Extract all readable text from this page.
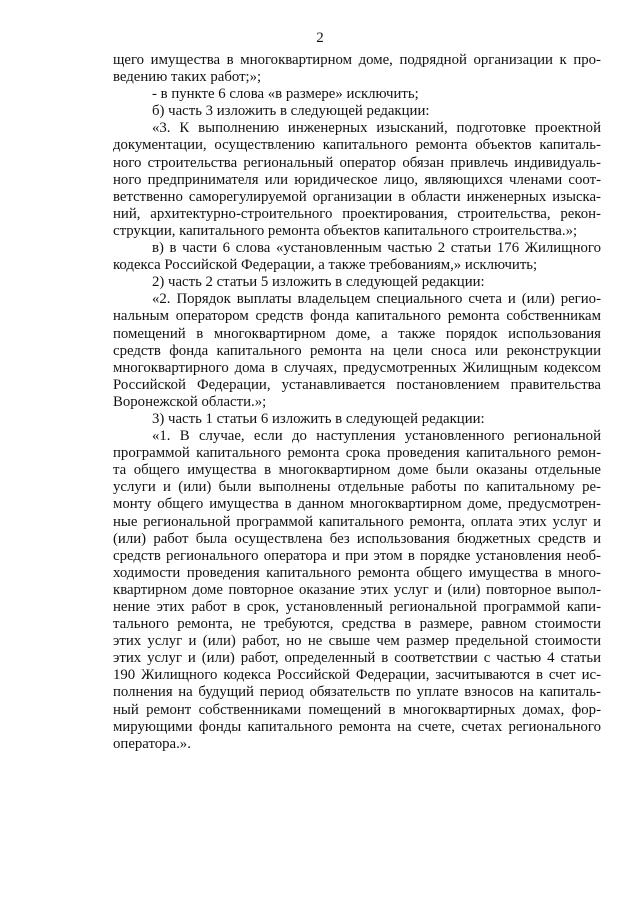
2
щего имущества в многоквартирном доме, подрядной организации к про-
ведению таких работ;»;
- в пункте 6 слова «в размере» исключить;
б) часть 3 изложить в следующей редакции:
«3. К выполнению инженерных изысканий, подготовке проектной
документации, осуществлению капитального ремонта объектов капиталь-
ного строительства региональный оператор обязан привлечь индивидуаль-
ного предпринимателя или юридическое лицо, являющихся членами соот-
ветственно саморегулируемой организации в области инженерных изыска-
ний, архитектурно-строительного проектирования, строительства, рекон-
струкции, капитального ремонта объектов капитального строительства.»;
в) в части 6 слова «установленным частью 2 статьи 176 Жилищного
кодекса Российской Федерации, а также требованиям,» исключить;
2) часть 2 статьи 5 изложить в следующей редакции:
«2. Порядок выплаты владельцем специального счета и (или) регио-
нальным оператором средств фонда капитального ремонта собственникам
помещений в многоквартирном доме, а также порядок использования
средств фонда капитального ремонта на цели сноса или реконструкции
многоквартирного дома в случаях, предусмотренных Жилищным кодексом
Российской Федерации, устанавливается постановлением правительства
Воронежской области.»;
3) часть 1 статьи 6 изложить в следующей редакции:
«1. В случае, если до наступления установленного региональной
программой капитального ремонта срока проведения капитального ремон-
та общего имущества в многоквартирном доме были оказаны отдельные
услуги и (или) были выполнены отдельные работы по капитальному ре-
монту общего имущества в данном многоквартирном доме, предусмотрен-
ные региональной программой капитального ремонта, оплата этих услуг и
(или) работ была осуществлена без использования бюджетных средств и
средств регионального оператора и при этом в порядке установления необ-
ходимости проведения капитального ремонта общего имущества в много-
квартирном доме повторное оказание этих услуг и (или) повторное выпол-
нение этих работ в срок, установленный региональной программой капи-
тального ремонта, не требуются, средства в размере, равном стоимости
этих услуг и (или) работ, но не свыше чем размер предельной стоимости
этих услуг и (или) работ, определенный в соответствии с частью 4 статьи
190 Жилищного кодекса Российской Федерации, засчитываются в счет ис-
полнения на будущий период обязательств по уплате взносов на капиталь-
ный ремонт собственниками помещений в многоквартирных домах, фор-
мирующими фонды капитального ремонта на счете, счетах регионального
оператора.».
